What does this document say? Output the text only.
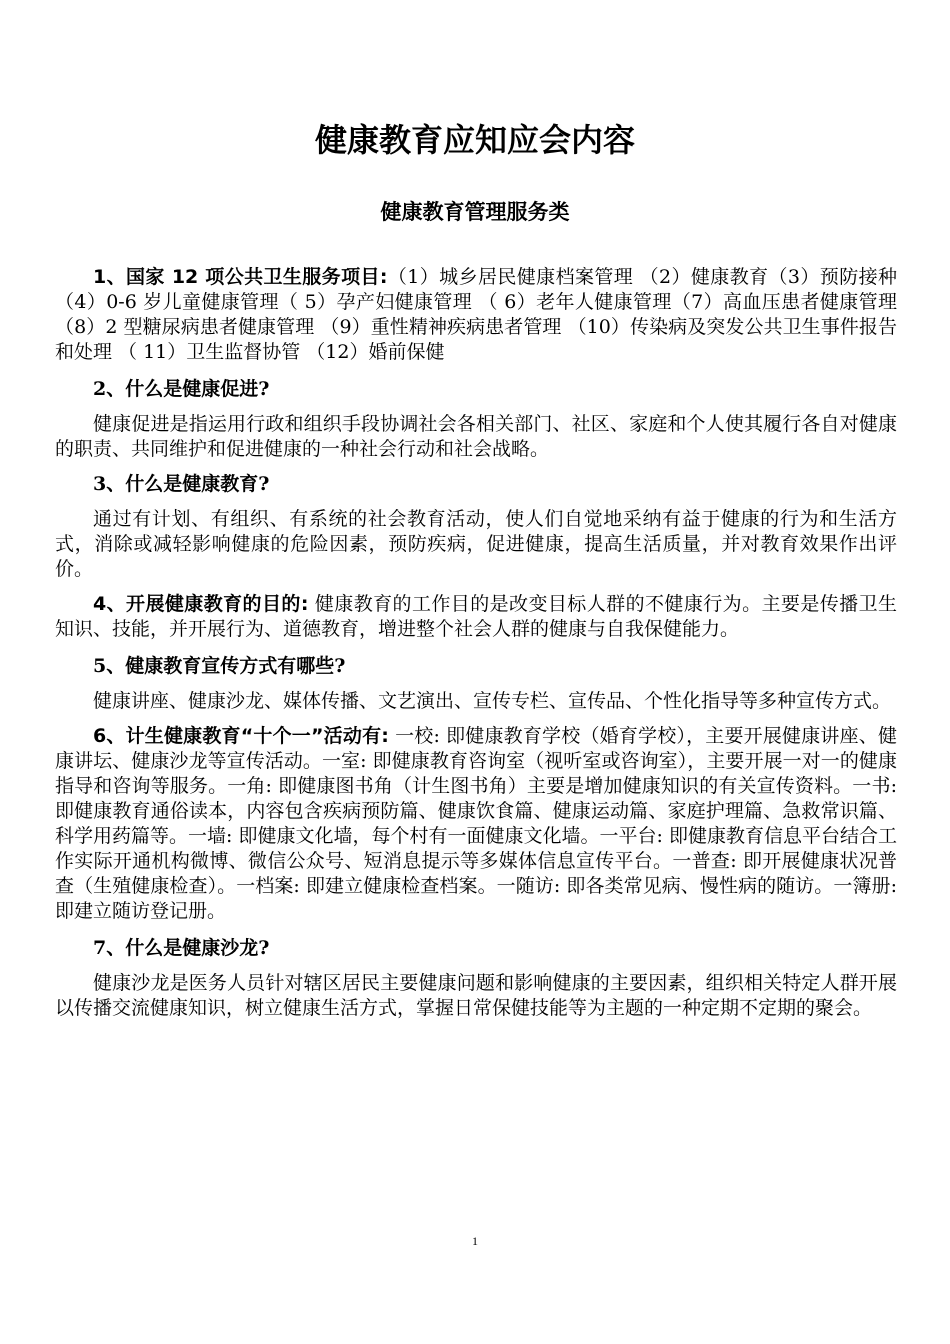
健康教育应知应会内容
健康教育管理服务类

1、国家 12 项公共卫生服务项目:（1）城乡居民健康档案管理 （2）健康教育（3）预防接种（4）0-6 岁儿童健康管理（ 5）孕产妇健康管理 （ 6）老年人健康管理（7）高血压患者健康管理 （8）2 型糖尿病患者健康管理 （9）重性精神疾病患者管理 （10）传染病及突发公共卫生事件报告和处理 （ 11）卫生监督协管 （12）婚前保健

2、什么是健康促进?

健康促进是指运用行政和组织手段协调社会各相关部门、社区、家庭和个人使其履行各自对健康的职责、共同维护和促进健康的一种社会行动和社会战略。

3、什么是健康教育?

通过有计划、有组织、有系统的社会教育活动，使人们自觉地采纳有益于健康的行为和生活方式，消除或减轻影响健康的危险因素，预防疾病，促进健康，提高生活质量，并对教育效果作出评价。

4、开展健康教育的目的: 健康教育的工作目的是改变目标人群的不健康行为。主要是传播卫生知识、技能，并开展行为、道德教育，增进整个社会人群的健康与自我保健能力。

5、健康教育宣传方式有哪些?

健康讲座、健康沙龙、媒体传播、文艺演出、宣传专栏、宣传品、个性化指导等多种宣传方式。

6、计生健康教育“十个一”活动有: 一校: 即健康教育学校（婚育学校），主要开展健康讲座、健康讲坛、健康沙龙等宣传活动。一室: 即健康教育咨询室（视听室或咨询室），主要开展一对一的健康指导和咨询等服务。一角: 即健康图书角（计生图书角）主要是增加健康知识的有关宣传资料。一书: 即健康教育通俗读本，内容包含疾病预防篇、健康饮食篇、健康运动篇、家庭护理篇、急救常识篇、科学用药篇等。一墙: 即健康文化墙，每个村有一面健康文化墙。一平台: 即健康教育信息平台结合工作实际开通机构微博、微信公众号、短消息提示等多媒体信息宣传平台。一普查: 即开展健康状况普查（生殖健康检查）。一档案: 即建立健康检查档案。一随访: 即各类常见病、慢性病的随访。一簿册: 即建立随访登记册。

7、什么是健康沙龙?

健康沙龙是医务人员针对辖区居民主要健康问题和影响健康的主要因素，组织相关特定人群开展以传播交流健康知识，树立健康生活方式，掌握日常保健技能等为主题的一种定期不定期的聚会。

1
